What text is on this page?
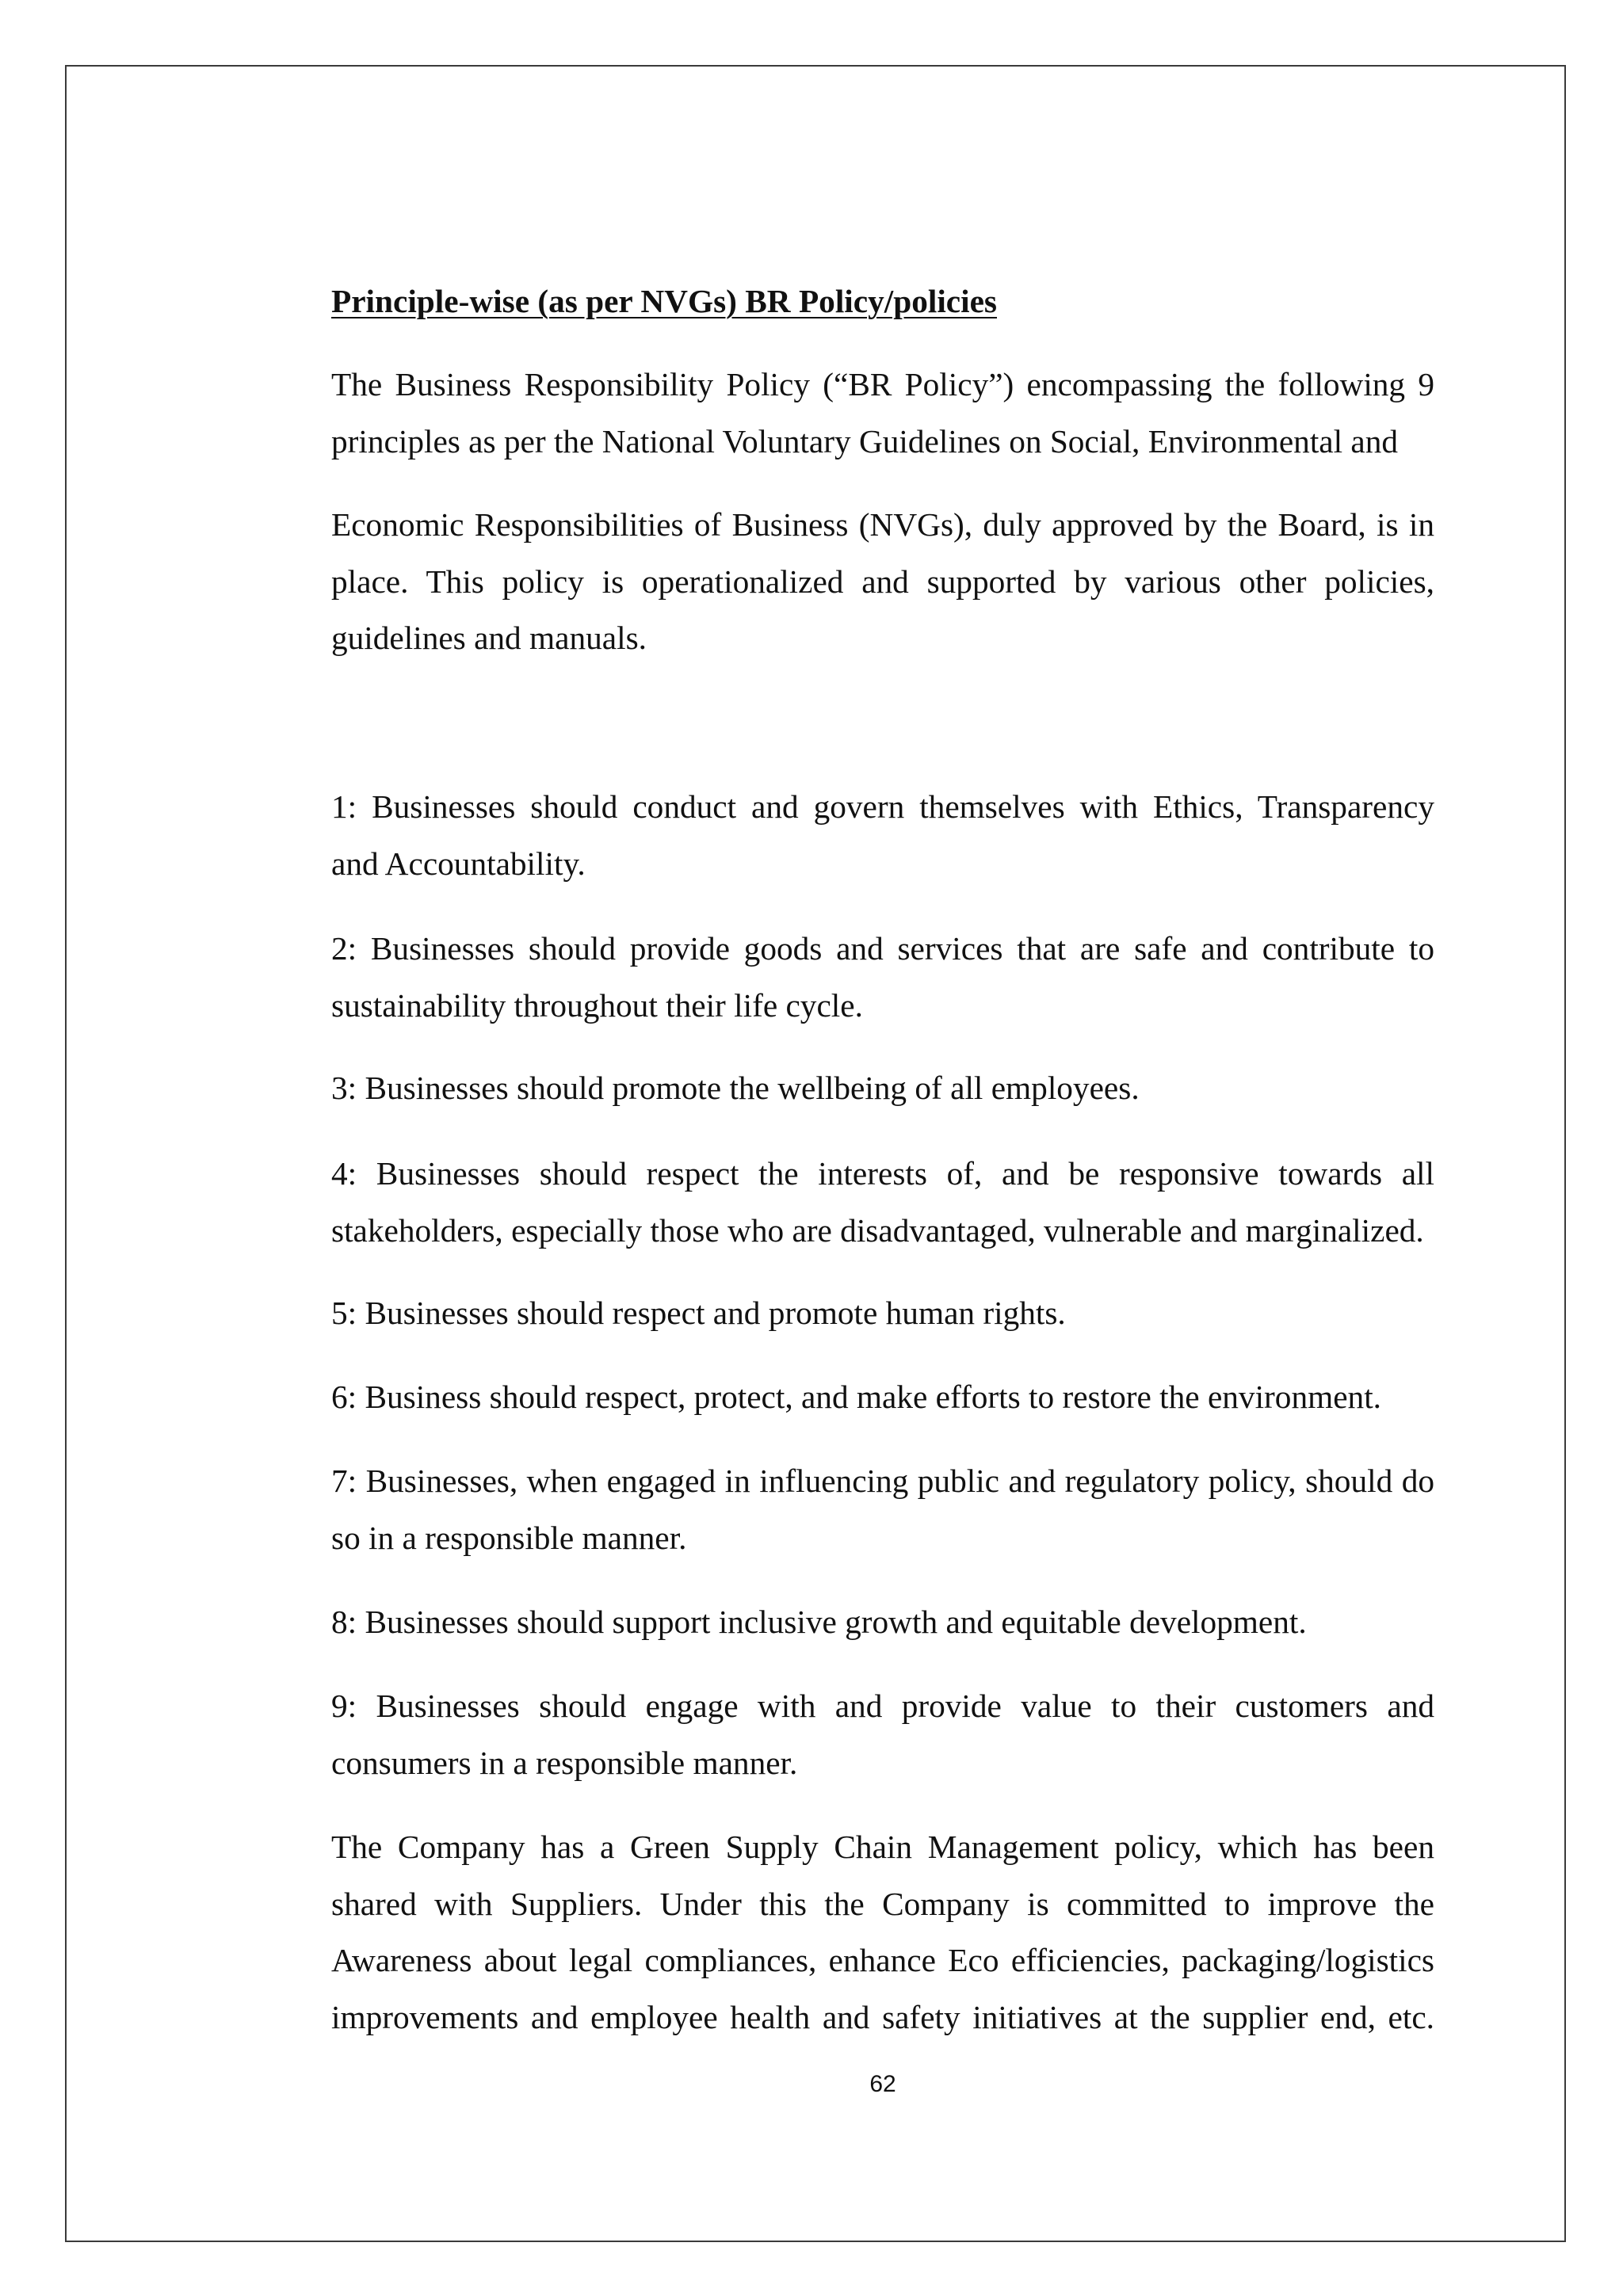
Principle-wise (as per NVGs) BR Policy/policies
The Business Responsibility Policy (“BR Policy”) encompassing the following 9
principles as per the National Voluntary Guidelines on Social, Environmental and
Economic Responsibilities of Business (NVGs), duly approved by the Board, is in
place. This policy is operationalized and supported by various other policies,
guidelines and manuals.
1: Businesses should conduct and govern themselves with Ethics, Transparency
and Accountability.
2: Businesses should provide goods and services that are safe and contribute to
sustainability throughout their life cycle.
3: Businesses should promote the wellbeing of all employees.
4: Businesses should respect the interests of, and be responsive towards all
stakeholders, especially those who are disadvantaged, vulnerable and marginalized.
5: Businesses should respect and promote human rights.
6: Business should respect, protect, and make efforts to restore the environment.
7: Businesses, when engaged in influencing public and regulatory policy, should do
so in a responsible manner.
8: Businesses should support inclusive growth and equitable development.
9: Businesses should engage with and provide value to their customers and
consumers in a responsible manner.
The Company has a Green Supply Chain Management policy, which has been
shared with Suppliers. Under this the Company is committed to improve the
Awareness about legal compliances, enhance Eco efficiencies, packaging/logistics
improvements and employee health and safety initiatives at the supplier end, etc.
62
